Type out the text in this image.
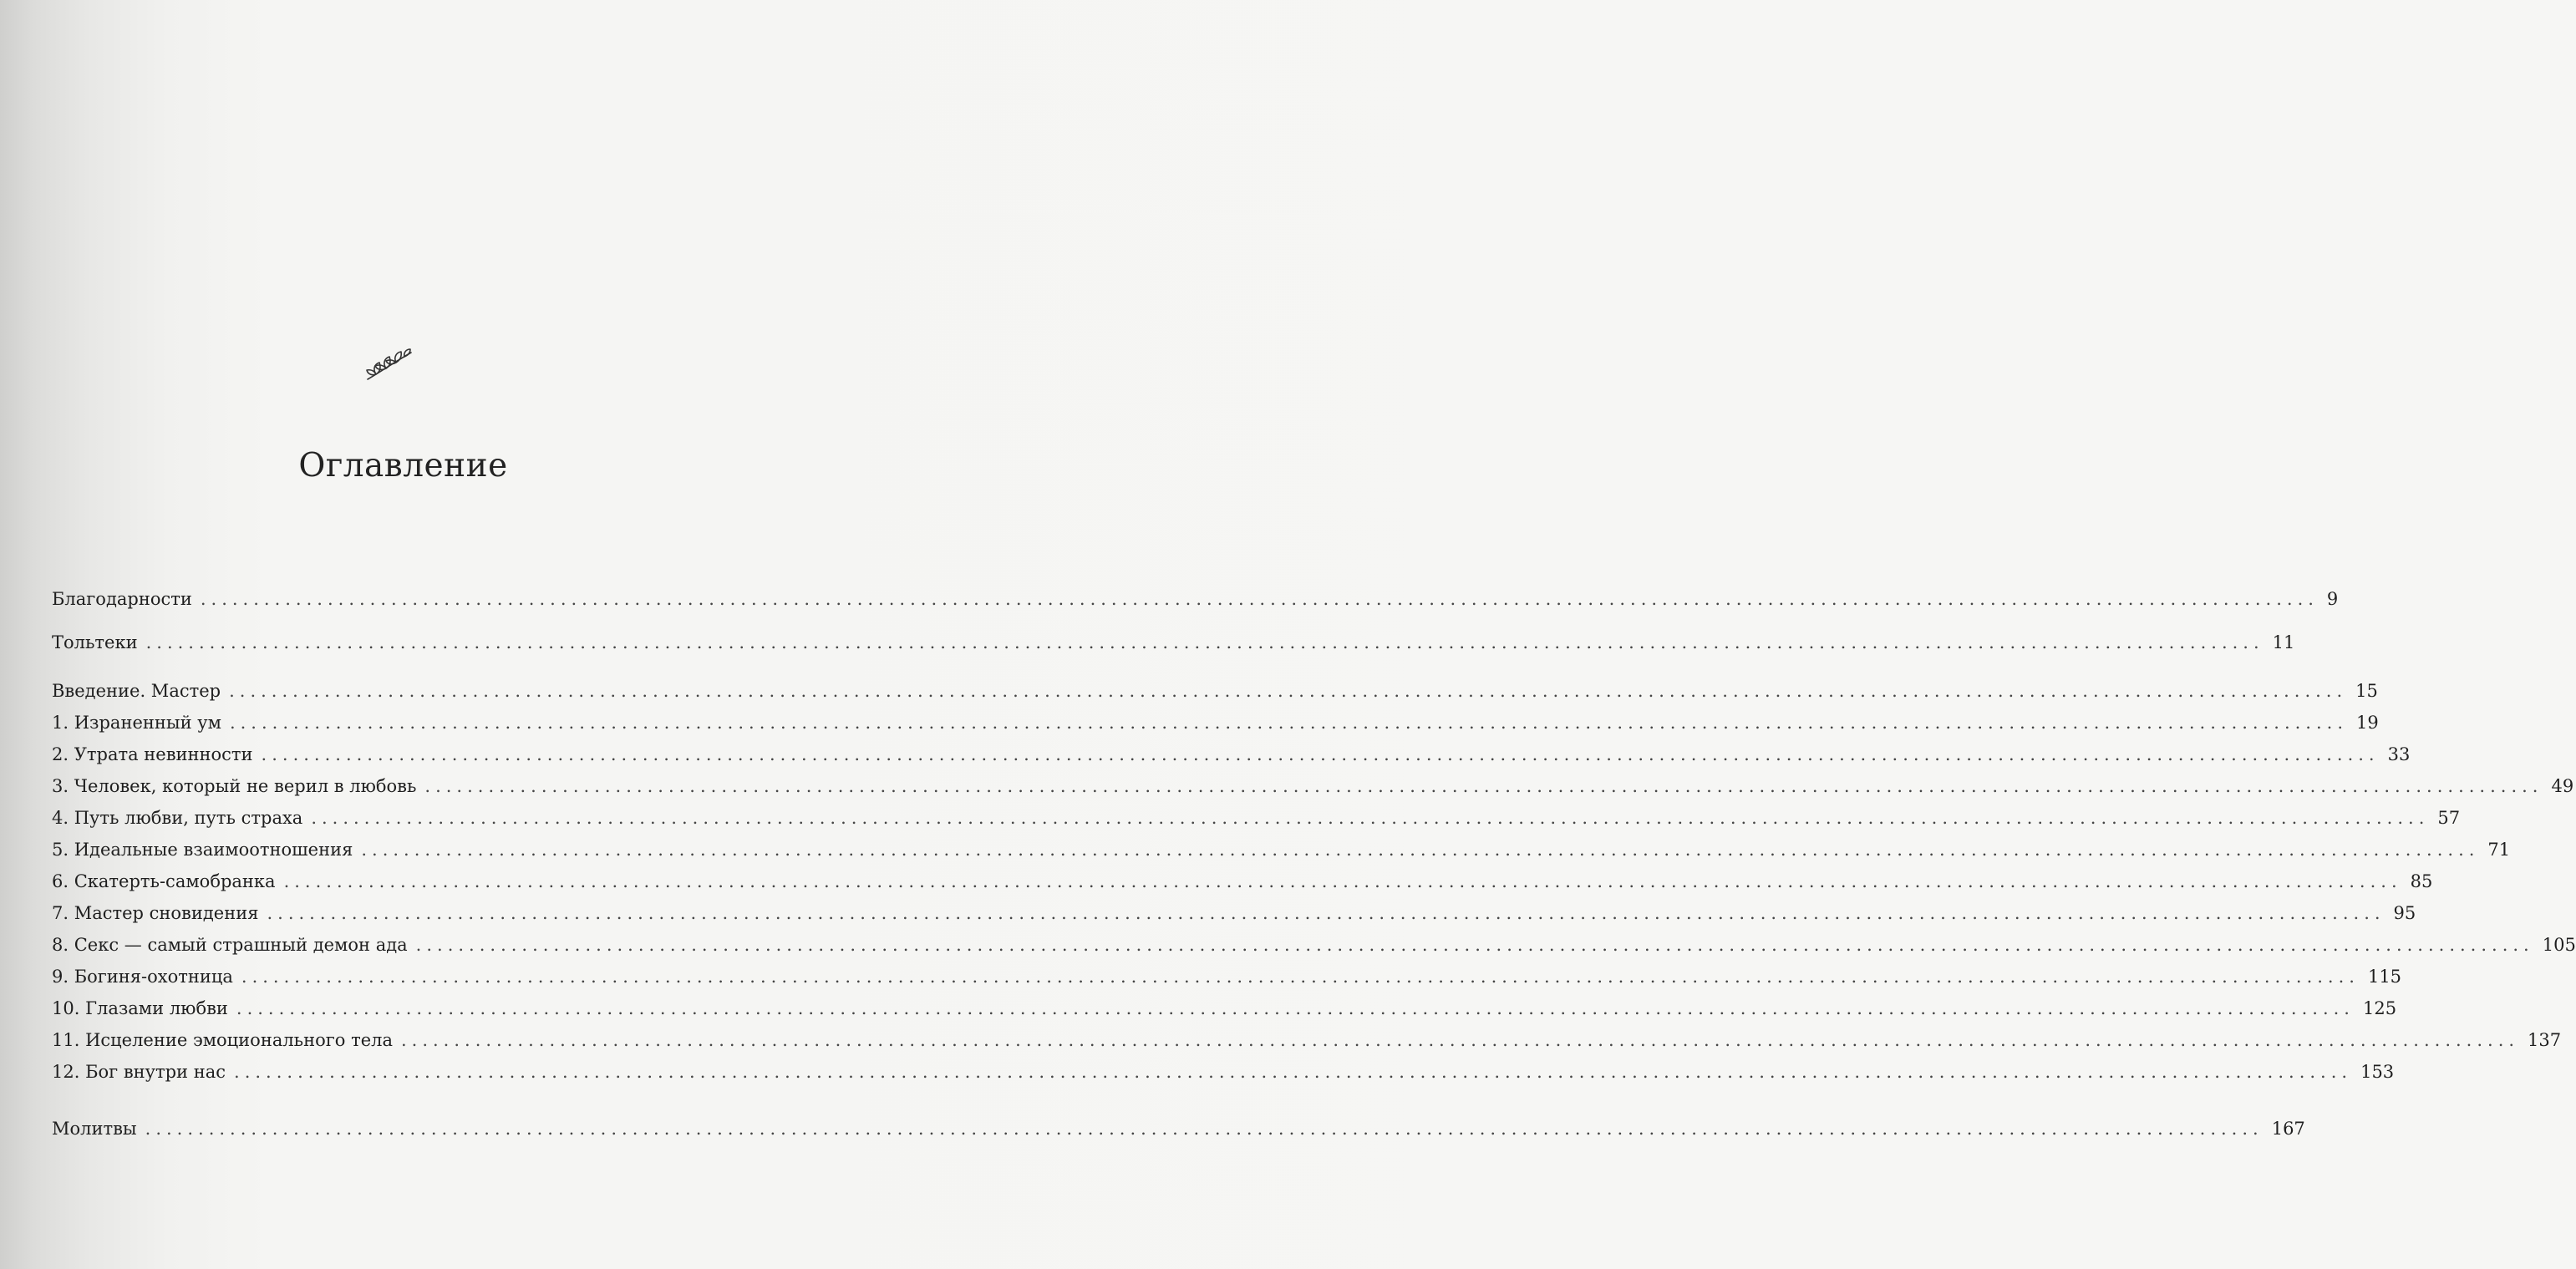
Оглавление
Благодарности ........................................................................................................................................................................................................ 9
Тольтеки ........................................................................................................................................................................................................ 11
Введение. Мастер ........................................................................................................................................................................................................ 15
1. Израненный ум ........................................................................................................................................................................................................ 19
2. Утрата невинности ........................................................................................................................................................................................................ 33
3. Человек, который не верил в любовь ........................................................................................................................................................................................................ 49
4. Путь любви, путь страха ........................................................................................................................................................................................................ 57
5. Идеальные взаимоотношения ........................................................................................................................................................................................................ 71
6. Скатерть-самобранка ........................................................................................................................................................................................................ 85
7. Мастер сновидения ........................................................................................................................................................................................................ 95
8. Секс — самый страшный демон ада ........................................................................................................................................................................................................ 105
9. Богиня-охотница ........................................................................................................................................................................................................ 115
10. Глазами любви ........................................................................................................................................................................................................ 125
11. Исцеление эмоционального тела ........................................................................................................................................................................................................ 137
12. Бог внутри нас ........................................................................................................................................................................................................ 153
Молитвы ........................................................................................................................................................................................................ 167
